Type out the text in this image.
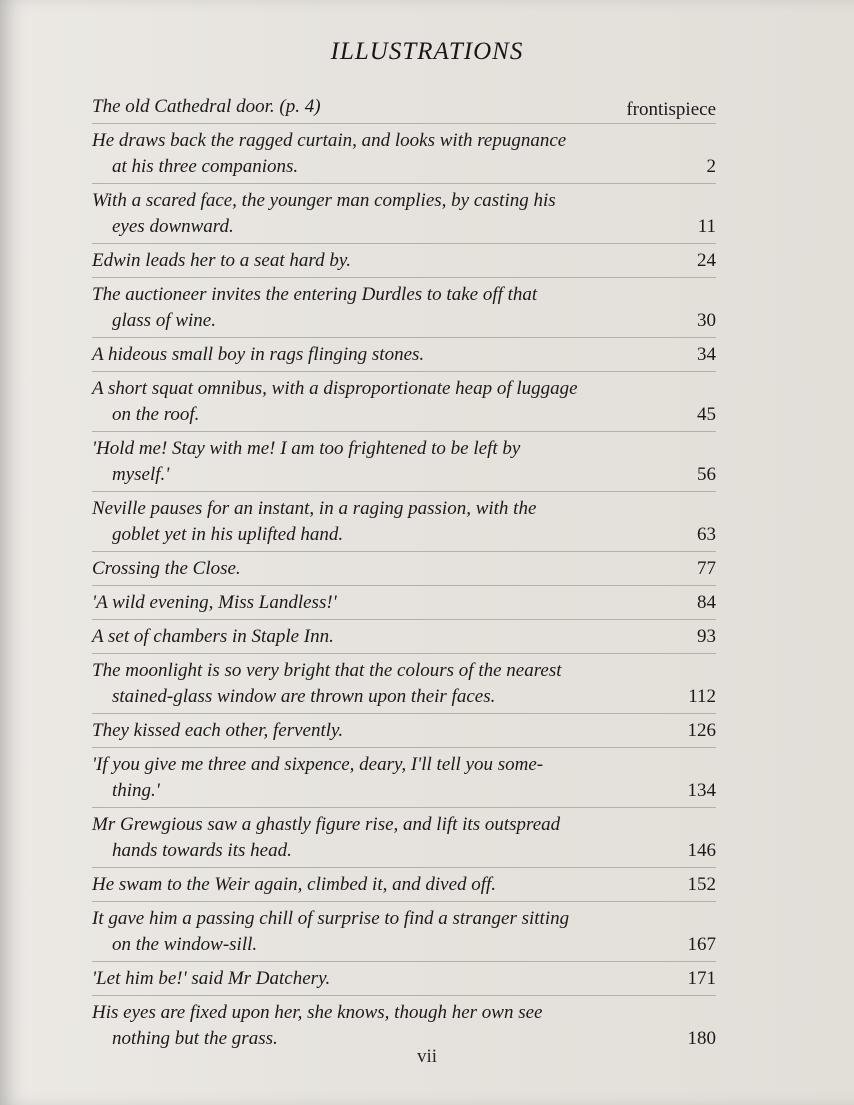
ILLUSTRATIONS
The old Cathedral door. (p. 4)	frontispiece
He draws back the ragged curtain, and looks with repugnance
at his three companions.	2
With a scared face, the younger man complies, by casting his
eyes downward.	11
Edwin leads her to a seat hard by.	24
The auctioneer invites the entering Durdles to take off that
glass of wine.	30
A hideous small boy in rags flinging stones.	34
A short squat omnibus, with a disproportionate heap of luggage
on the roof.	45
'Hold me! Stay with me! I am too frightened to be left by
myself.'	56
Neville pauses for an instant, in a raging passion, with the
goblet yet in his uplifted hand.	63
Crossing the Close.	77
'A wild evening, Miss Landless!'	84
A set of chambers in Staple Inn.	93
The moonlight is so very bright that the colours of the nearest
stained-glass window are thrown upon their faces.	112
They kissed each other, fervently.	126
'If you give me three and sixpence, deary, I'll tell you some-
thing.'	134
Mr Grewgious saw a ghastly figure rise, and lift its outspread
hands towards its head.	146
He swam to the Weir again, climbed it, and dived off.	152
It gave him a passing chill of surprise to find a stranger sitting
on the window-sill.	167
'Let him be!' said Mr Datchery.	171
His eyes are fixed upon her, she knows, though her own see
nothing but the grass.	180
vii
